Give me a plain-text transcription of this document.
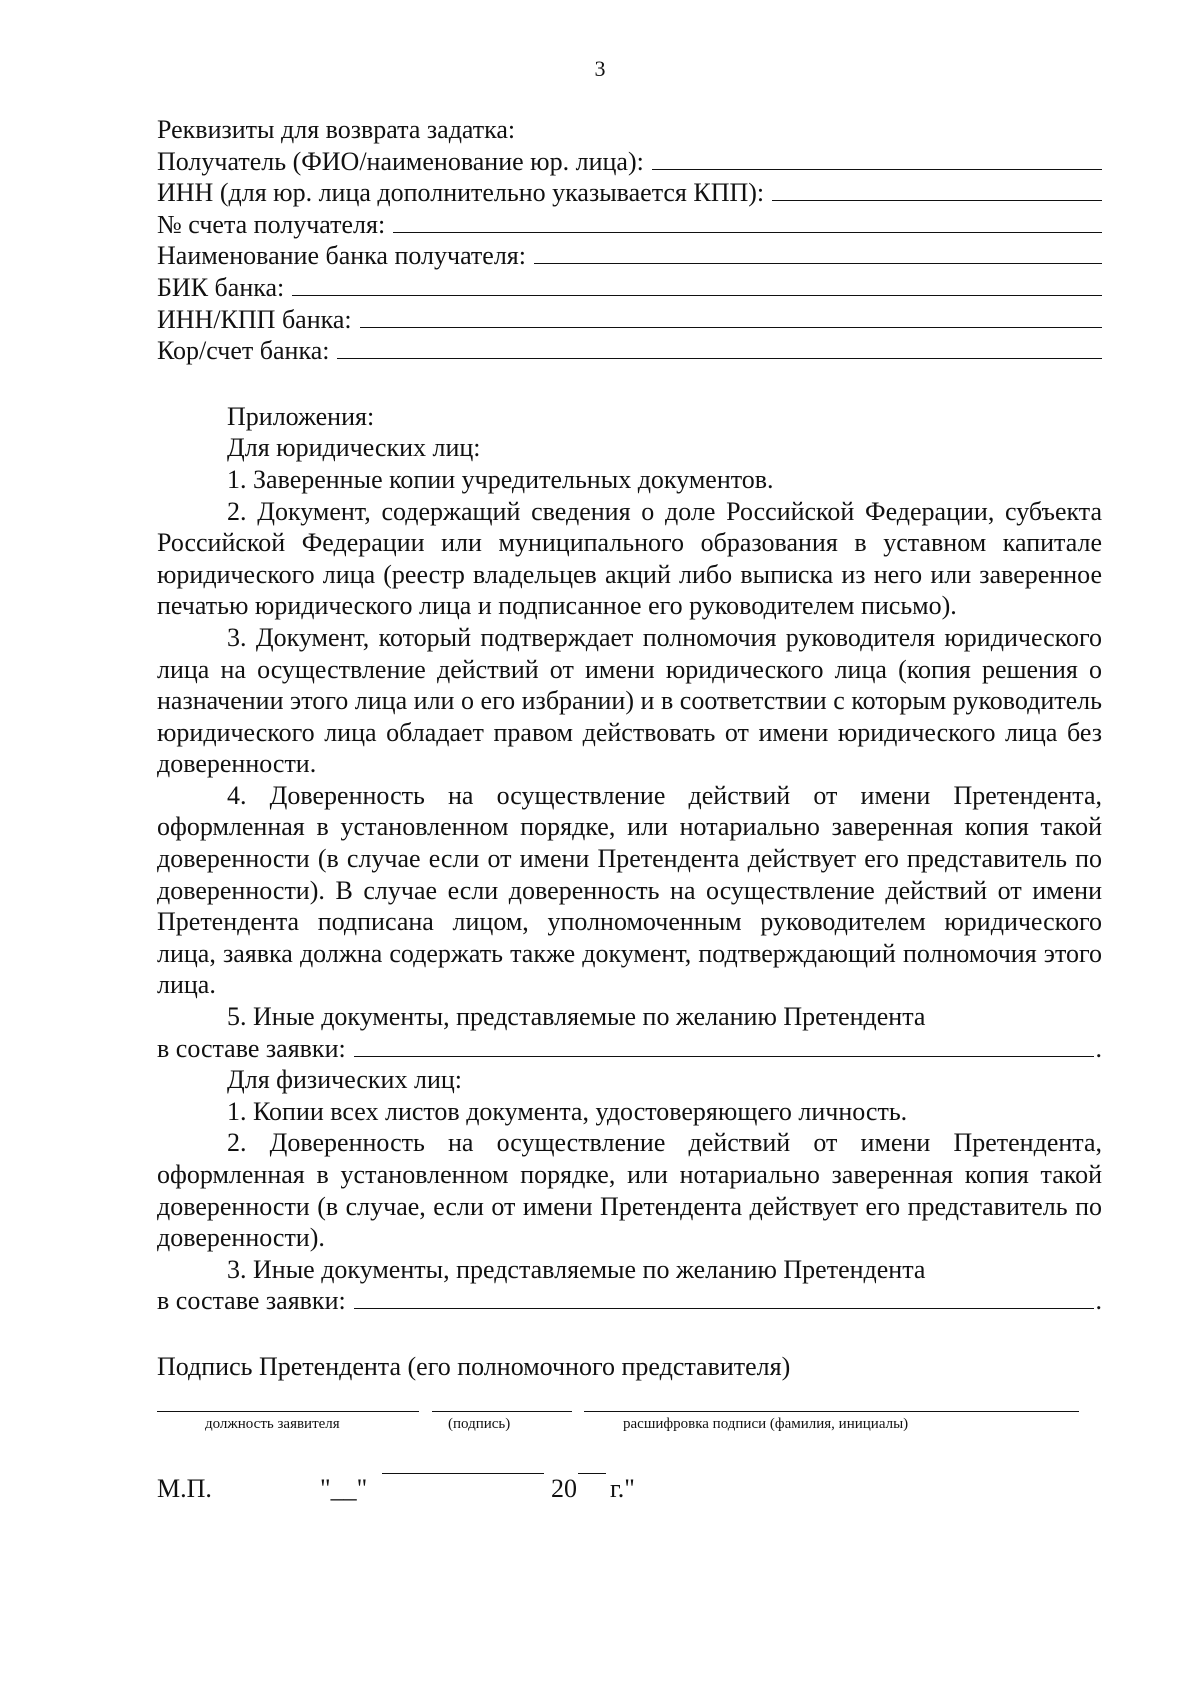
3
Реквизиты для возврата задатка:
Получатель (ФИО/наименование юр. лица):
ИНН (для юр. лица дополнительно указывается КПП):
№ счета получателя:
Наименование банка получателя:
БИК банка:
ИНН/КПП банка:
Кор/счет банка:
Приложения:
Для юридических лиц:

1. Заверенные копии учредительных документов.

2. Документ, содержащий сведения о доле Российской Федерации, субъекта Российской Федерации или муниципального образования в уставном капитале юридического лица (реестр владельцев акций либо выписка из него или заверенное печатью юридического лица и подписанное его руководителем письмо).

3. Документ, который подтверждает полномочия руководителя юридического лица на осуществление действий от имени юридического лица (копия решения о назначении этого лица или о его избрании) и в соответствии с которым руководитель юридического лица обладает правом действовать от имени юридического лица без доверенности.

4. Доверенность на осуществление действий от имени Претендента, оформленная в установленном порядке, или нотариально заверенная копия такой доверенности (в случае если от имени Претендента действует его представитель по доверенности). В случае если доверенность на осуществление действий от имени Претендента подписана лицом, уполномоченным руководителем юридического лица, заявка должна содержать также документ, подтверждающий полномочия этого лица.

5. Иные документы, представляемые по желанию Претендента

в составе заявки:	.
Для физических лиц:

1. Копии всех листов документа, удостоверяющего личность.

2. Доверенность на осуществление действий от имени Претендента, оформленная в установленном порядке, или нотариально заверенная копия такой доверенности (в случае, если от имени Претендента действует его представитель по доверенности).

3. Иные документы, представляемые по желанию Претендента

в составе заявки:	.
Подпись Претендента (его полномочного представителя)
должность заявителя	(подпись)	расшифровка подписи (фамилия, инициалы)
М.П.	"__"	20 г."
